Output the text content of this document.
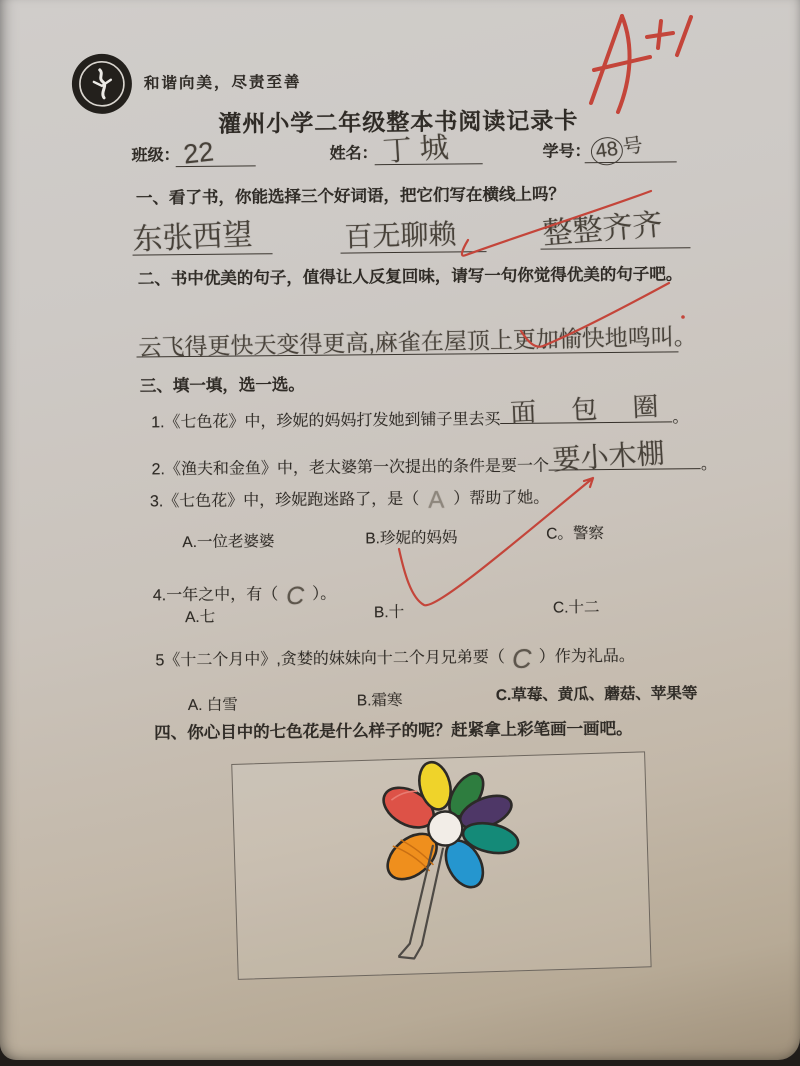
和谐向美，尽责至善
灌州小学二年级整本书阅读记录卡
班级： 22	姓名： 丁城	学号： 48 号
一、看了书，你能选择三个好词语，把它们写在横线上吗？
东张西望	百无聊赖	整整齐齐
二、书中优美的句子，值得让人反复回味，请写一句你觉得优美的句子吧。
云飞得更快天变得更高,麻雀在屋顶上更加愉快地鸣叫。
三、填一填，选一选。
1.《七色花》中，珍妮的妈妈打发她到铺子里去买 面 包 圈
。
2.《渔夫和金鱼》中，老太婆第一次提出的条件是要一个 要小木棚 。
3.《七色花》中，珍妮跑迷路了，是（ A ）帮助了她。
A.一位老婆婆	B.珍妮的妈妈	C。警察
4.一年之中，有（ C ）。
A.七	B.十	C.十二
5《十二个月中》,贪婪的妹妹向十二个月兄弟要（ C ）作为礼品。
A. 白雪	B.霜寒	C.草莓、黄瓜、蘑菇、苹果等
四、你心目中的七色花是什么样子的呢？赶紧拿上彩笔画一画吧。
